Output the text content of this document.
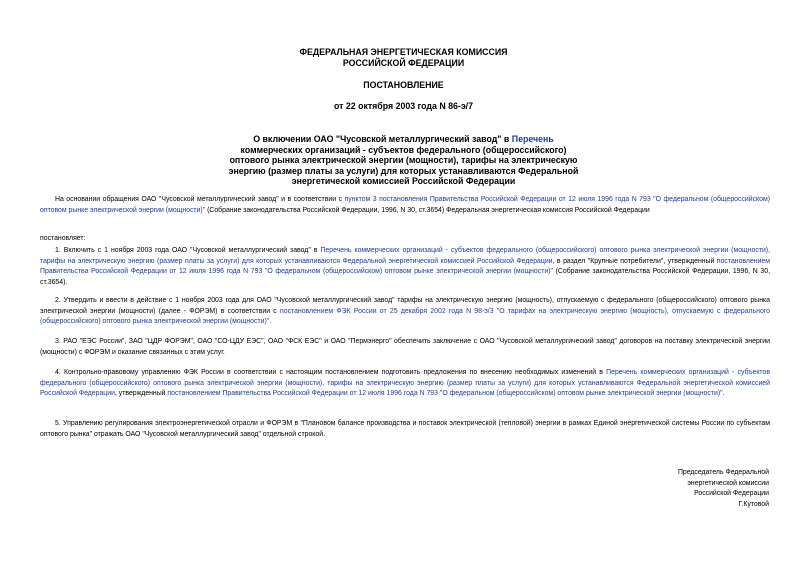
ФЕДЕРАЛЬНАЯ ЭНЕРГЕТИЧЕСКАЯ КОМИССИЯ
РОССИЙСКОЙ ФЕДЕРАЦИИ
ПОСТАНОВЛЕНИЕ
от 22 октября 2003 года N 86-э/7
О включении ОАО "Чусовской металлургический завод" в Перечень
коммерческих организаций - субъектов федерального (общероссийского)
оптового рынка электрической энергии (мощности), тарифы на электрическую
энергию (размер платы за услуги) для которых устанавливаются Федеральной
энергетической комиссией Российской Федерации

На основании обращения ОАО "Чусовской металлургический завод" и в соответствии с пунктом 3 постановления Правительства Российской Федерации от 12 июля 1996 года N 793 "О федеральном (общероссийском) оптовом рынке электрической энергии (мощности)" (Собрание законодательства Российской Федерации, 1996, N 30, ст.3654) Федеральная энергетическая комиссия Российской Федерации

постановляет:

1. Включить с 1 ноября 2003 года ОАО "Чусовской металлургический завод" в Перечень коммерческих организаций - субъектов федерального (общероссийского) оптового рынка электрической энергии (мощности), тарифы на электрическую энергию (размер платы за услуги) для которых устанавливаются Федеральной энергетической комиссией Российской Федерации, в раздел "Крупные потребители", утвержденный постановлением Правительства Российской Федерации от 12 июля 1996 года N 793 "О федеральном (общероссийском) оптовом рынке электрической энергии (мощности)" (Собрание законодательства Российской Федерации, 1996, N 30, ст.3654).

2. Утвердить и ввести в действие с 1 ноября 2003 года для ОАО "Чусовской металлургический завод" тарифы на электрическую энергию (мощность), отпускаемую с федерального (общероссийского) оптового рынка электрической энергии (мощности) (далее - ФОРЭМ) в соответствии с постановлением ФЭК России от 25 декабря 2002 года N 98-э/3 "О тарифах на электрическую энергию (мощность), отпускаемую с федерального (общероссийского) оптового рынка электрической энергии (мощности)".

3. РАО "ЕЭС России", ЗАО "ЦДР ФОРЭМ", ОАО "СО-ЦДУ ЕЭС", ОАО "ФСК ЕЭС" и ОАО "Пермэнерго" обеспечить заключение с ОАО "Чусовской металлургический завод" договоров на поставку электрической энергии (мощности) с ФОРЭМ и оказание связанных с этим услуг.

4. Контрольно-правовому управлению ФЭК России в соответствии с настоящим постановлением подготовить предложения по внесению необходимых изменений в Перечень коммерческих организаций - субъектов федерального (общероссийского) оптового рынка электрической энергии (мощности), тарифы на электрическую энергию (размер платы за услуги) для которых устанавливаются Федеральной энергетической комиссией Российской Федерации, утвержденный постановлением Правительства Российской Федерации от 12 июля 1996 года N 793 "О федеральном (общероссийском) оптовом рынке электрической энергии (мощности)".

5. Управлению регулирования электроэнергетической отрасли и ФОРЭМ в "Плановом балансе производства и поставок электрической (тепловой) энергии в рамках Единой энергетической системы России по субъектам оптового рынка" отражать ОАО "Чусовской металлургический завод" отдельной строкой.

Председатель Федеральной
энергетической комиссии
Российской Федерации
Г.Кутовой
